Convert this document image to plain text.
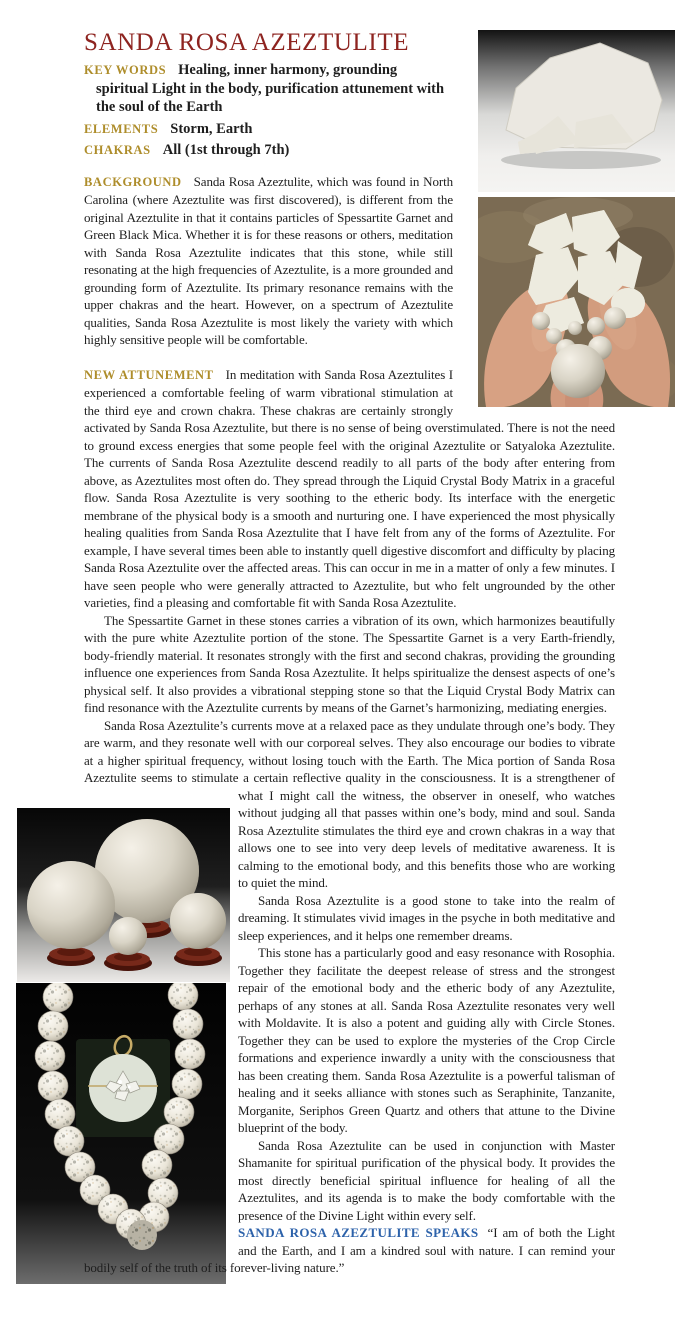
SANDA ROSA AZEZTULITE
KEY WORDS Healing, inner harmony, grounding spiritual Light in the body, purification attunement with the soul of the Earth
ELEMENTS Storm, Earth
CHAKRAS All (1st through 7th)

BACKGROUND Sanda Rosa Azeztulite, which was found in North Carolina (where Azeztulite was first discovered), is different from the original Azeztulite in that it contains particles of Spessartite Garnet and Green Black Mica. Whether it is for these reasons or others, meditation with Sanda Rosa Azeztulite indicates that this stone, while still resonating at the high frequencies of Azeztulite, is a more grounded and grounding form of Azeztulite. Its primary resonance remains with the upper chakras and the heart. However, on a spectrum of Azeztulite qualities, Sanda Rosa Azeztulite is most likely the variety with which highly sensitive people will be comfortable.

NEW ATTUNEMENT In meditation with Sanda Rosa Azeztulites I experienced a comfortable feeling of warm vibrational stimulation at the third eye and crown chakra. These chakras are certainly strongly activated by Sanda Rosa Azeztulite, but there is no sense of being overstimulated. There is not the need to ground excess energies that some people feel with the original Azeztulite or Satyaloka Azeztulite. The currents of Sanda Rosa Azeztulite descend readily to all parts of the body after entering from above, as Azeztulites most often do. They spread through the Liquid Crystal Body Matrix in a graceful flow. Sanda Rosa Azeztulite is very soothing to the etheric body. Its interface with the energetic membrane of the physical body is a smooth and nurturing one. I have experienced the most physically healing qualities from Sanda Rosa Azeztulite that I have felt from any of the forms of Azeztulite. For example, I have several times been able to instantly quell digestive discomfort and difficulty by placing Sanda Rosa Azeztulite over the affected areas. This can occur in me in a matter of only a few minutes. I have seen people who were generally attracted to Azeztulite, but who felt ungrounded by the other varieties, find a pleasing and comfortable fit with Sanda Rosa Azeztulite.

The Spessartite Garnet in these stones carries a vibration of its own, which harmonizes beautifully with the pure white Azeztulite portion of the stone. The Spessartite Garnet is a very Earth-friendly, body-friendly material. It resonates strongly with the first and second chakras, providing the grounding influence one experiences from Sanda Rosa Azeztulite. It helps spiritualize the densest aspects of one’s physical self. It also provides a vibrational stepping stone so that the Liquid Crystal Body Matrix can find resonance with the Azeztulite currents by means of the Garnet’s harmonizing, mediating energies.

Sanda Rosa Azeztulite’s currents move at a relaxed pace as they undulate through one’s body. They are warm, and they resonate well with our corporeal selves. They also encourage our bodies to vibrate at a higher spiritual frequency, without losing touch with the Earth. The Mica portion of Sanda Rosa Azeztulite seems to stimulate a certain reflective quality in the consciousness. It is a strengthener of what I might call the witness, the observer in oneself,
who watches without judging all that passes within one’s body, mind and soul. Sanda Rosa Azeztulite stimulates the third eye and crown chakras in a way that allows one to see into very deep levels of meditative awareness. It is calming to the emotional body, and this benefits those who are working to quiet the mind.

Sanda Rosa Azeztulite is a good stone to take into the realm of dreaming. It stimulates vivid images in the psyche in both meditative and sleep experiences, and it helps one remember dreams.

This stone has a particularly good and easy resonance with Rosophia. Together they facilitate the deepest release of stress and the strongest repair of the emotional body and the etheric body of any Azeztulite, perhaps of any stones at all. Sanda Rosa Azeztulite resonates very well with Moldavite. It is also a potent and guiding ally with Circle Stones. Together they can be used to explore the mysteries of the Crop Circle formations and experience inwardly a unity with the consciousness that has been creating them. Sanda Rosa Azeztulite is a powerful talisman of healing and it seeks alliance with stones such as Seraphinite, Tanzanite, Morganite, Seriphos Green Quartz and others that attune to the Divine blueprint of the body.

Sanda Rosa Azeztulite can be used in conjunction with Master Shamanite for spiritual purification of the physical body. It provides the most directly beneficial spiritual influence for healing of all the Azeztulites, and its agenda is to make the body comfortable with the presence of the Divine Light within every self.

SANDA ROSA AZEZTULITE SPEAKS “I am of both the Light and the Earth, and I am a kindred soul with nature. I can remind your bodily self of the truth of its forever-living nature.”
